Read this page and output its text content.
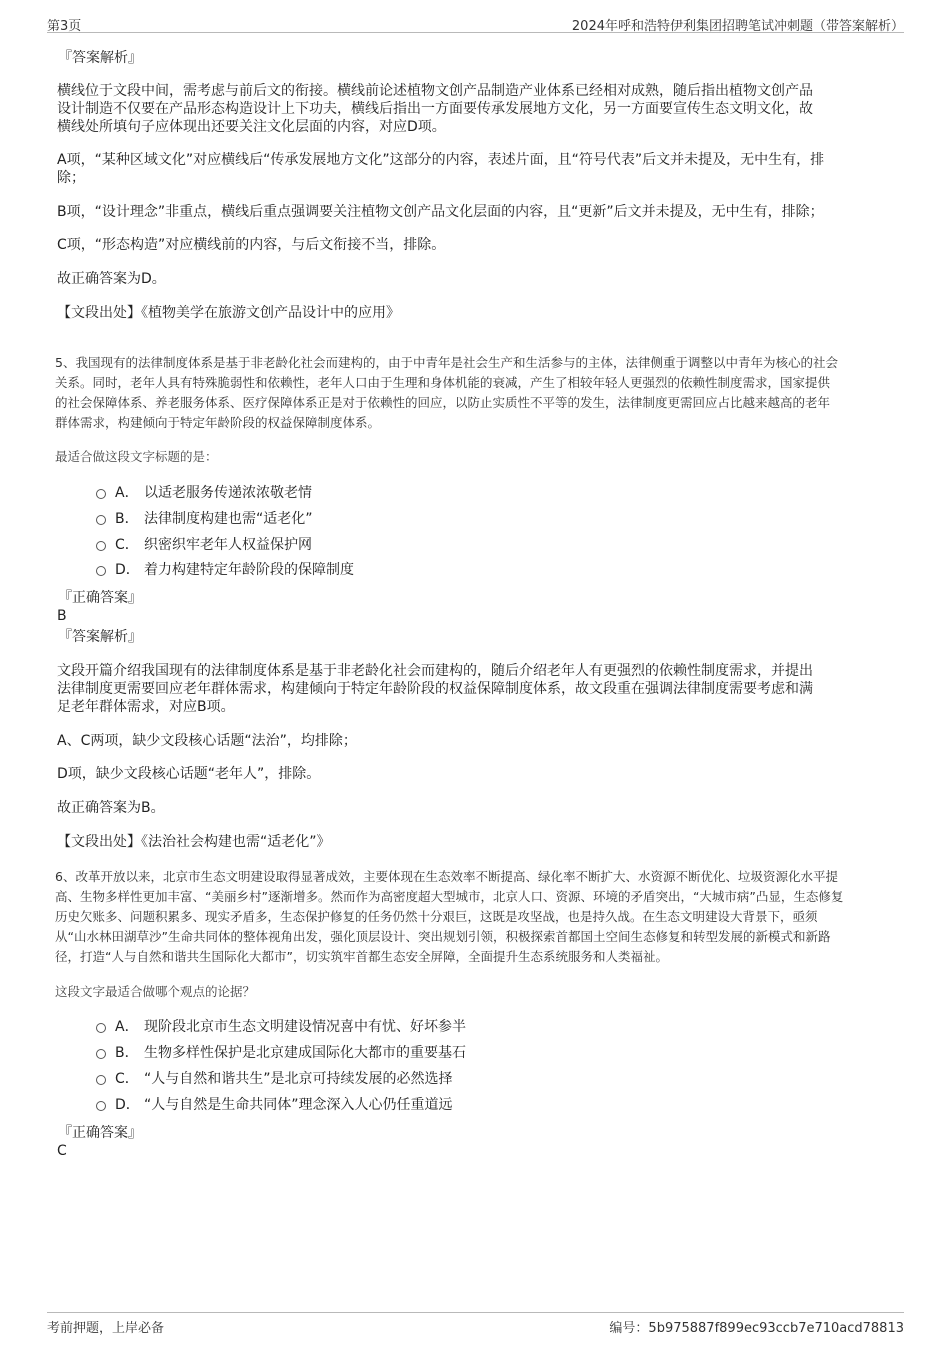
第3页	2024年呼和浩特伊利集团招聘笔试冲刺题（带答案解析）
『答案解析』
横线位于文段中间，需考虑与前后文的衔接。横线前论述植物文创产品制造产业体系已经相对成熟，随后指出植物文创产品
设计制造不仅要在产品形态构造设计上下功夫，横线后指出一方面要传承发展地方文化，另一方面要宣传生态文明文化，故
横线处所填句子应体现出还要关注文化层面的内容，对应D项。
A项，“某种区域文化”对应横线后“传承发展地方文化”这部分的内容，表述片面，且“符号代表”后文并未提及，无中生有，排
除；
B项，“设计理念”非重点，横线后重点强调要关注植物文创产品文化层面的内容，且“更新”后文并未提及，无中生有，排除；
C项，“形态构造”对应横线前的内容，与后文衔接不当，排除。
故正确答案为D。
【文段出处】《植物美学在旅游文创产品设计中的应用》
5、我国现有的法律制度体系是基于非老龄化社会而建构的，由于中青年是社会生产和生活参与的主体，法律侧重于调整以中青年为核心的社会
关系。同时，老年人具有特殊脆弱性和依赖性，老年人口由于生理和身体机能的衰减，产生了相较年轻人更强烈的依赖性制度需求，国家提供
的社会保障体系、养老服务体系、医疗保障体系正是对于依赖性的回应，以防止实质性不平等的发生，法律制度更需回应占比越来越高的老年
群体需求，构建倾向于特定年龄阶段的权益保障制度体系。
最适合做这段文字标题的是：
A． 以适老服务传递浓浓敬老情
B． 法律制度构建也需“适老化”
C． 织密织牢老年人权益保护网
D． 着力构建特定年龄阶段的保障制度
『正确答案』
B
『答案解析』
文段开篇介绍我国现有的法律制度体系是基于非老龄化社会而建构的，随后介绍老年人有更强烈的依赖性制度需求，并提出
法律制度更需要回应老年群体需求，构建倾向于特定年龄阶段的权益保障制度体系，故文段重在强调法律制度需要考虑和满
足老年群体需求，对应B项。
A、C两项，缺少文段核心话题“法治”，均排除；
D项，缺少文段核心话题“老年人”，排除。
故正确答案为B。
【文段出处】《法治社会构建也需“适老化”》
6、改革开放以来，北京市生态文明建设取得显著成效，主要体现在生态效率不断提高、绿化率不断扩大、水资源不断优化、垃圾资源化水平提
高、生物多样性更加丰富、“美丽乡村”逐渐增多。然而作为高密度超大型城市，北京人口、资源、环境的矛盾突出，“大城市病”凸显，生态修复
历史欠账多、问题积累多、现实矛盾多，生态保护修复的任务仍然十分艰巨，这既是攻坚战，也是持久战。在生态文明建设大背景下，亟须
从“山水林田湖草沙”生命共同体的整体视角出发，强化顶层设计、突出规划引领，积极探索首都国土空间生态修复和转型发展的新模式和新路
径，打造“人与自然和谐共生国际化大都市”，切实筑牢首都生态安全屏障，全面提升生态系统服务和人类福祉。
这段文字最适合做哪个观点的论据？
A． 现阶段北京市生态文明建设情况喜中有忧、好坏参半
B． 生物多样性保护是北京建成国际化大都市的重要基石
C． “人与自然和谐共生”是北京可持续发展的必然选择
D． “人与自然是生命共同体”理念深入人心仍任重道远
『正确答案』
C
考前押题，上岸必备	编号：5b975887f899ec93ccb7e710acd78813
